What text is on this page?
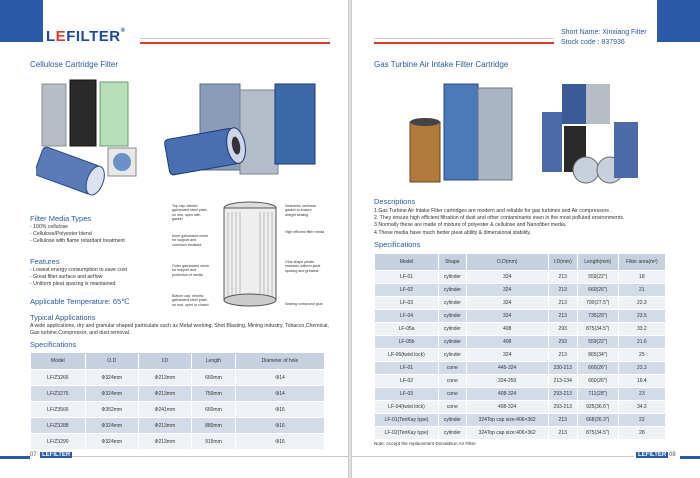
LEFILTER®
Cellulose Cartridge Filter
Filter Media Types
- 100% cellulose
- Cellulose/Polyester blend
- Cellulose with flame retardant treatment
Features
- Lowest energy consumption to save cost
- Great filter surface and airflow
- Uniform pleat spacing is maintained
Applicable Temperature: 65℃
Typical Applications
A wide applications, dry and granular shaped particulate such as Metal working, Shot Blasting, Mining industry, Tobacco,Chemical,
Gas turbine,Compressor, and dust removal.
Top cap: electric
galvanized steel plate,
no rust, open with
gasket
Inner galvanized mesh
for support and
corrosion resistant
Outer galvanized mesh
for support and
protection of media
Bottom cap: electric
galvanized steel plate,
no rust, open or closed
Seamless urethane
gasket to ensure
airtight sealing
High efficient filter media
Glue shape pleats
maintain uniform pleat
spacing and greatest
Sealing compound glue
Specifications
Model	O.D	I.D	Length	Diameter of hole
LF/Z3266	Φ324mm	Φ213mm	660mm	Φ14
LF/Z3275	Φ324mm	Φ213mm	750mm	Φ14
LF/Z3566	Φ352mm	Φ241mm	660mm	Φ16
LF/Z3288	Φ324mm	Φ213mm	880mm	Φ16
LF/Z3290	Φ324mm	Φ213mm	915mm	Φ16
07 LEFILTER
Short Name: Xinxiang Filter
Stock code : 837936
Gas Turbine Air Intake Filter Cartridge
Descriptions
1.Gas Turbine Air Intake Filter cartridges are modern and reliable for gas turbines and Air compressors .
2. They ensure high efficient filtration of dust and other contaminants even in the most polluted environments.
3.Normally these are made of mixture of polyester & cellulose and Nanofiber media.
4.These media have much better pleat ability & dimensional stability.
Specifications
Model	Shape	O.D(mm)	I.D(mm)	Length(mm)	Filter area(m²)
LF-01	cylinder	324	213	559(22")	18
LF-02	cylinder	324	213	660(26")	21
LF-03	cylinder	324	213	700(27.5")	22.3
LF-04	cylinder	324	213	735(29")	23.5
LF-05a	cylinder	408	293	875(34.5")	33.2
LF-05b	cylinder	408	293	559(22")	21.6
LF-06(twist lock)	cylinder	324	213	865(34")	25
LF-01	cone	445-324	330-213	660(26")	23.3
LF-02	cone	324-250	213-134	660(26")	16.4
LF-03	cone	408-324	293-213	711(28")	23
LF-04(twist lock)	cone	408-324	293-213	925(36.6")	34.3
LF-01(TenKay type)	cylinder	324Top cap size:406×362	213	668(26.3")	22
LF-02(TenKay type)	cylinder	324Top cap size:406×362	213	875(34.5")	28
Note: Accept the replacement Donaldson Air Filter.
LEFILTER 08
